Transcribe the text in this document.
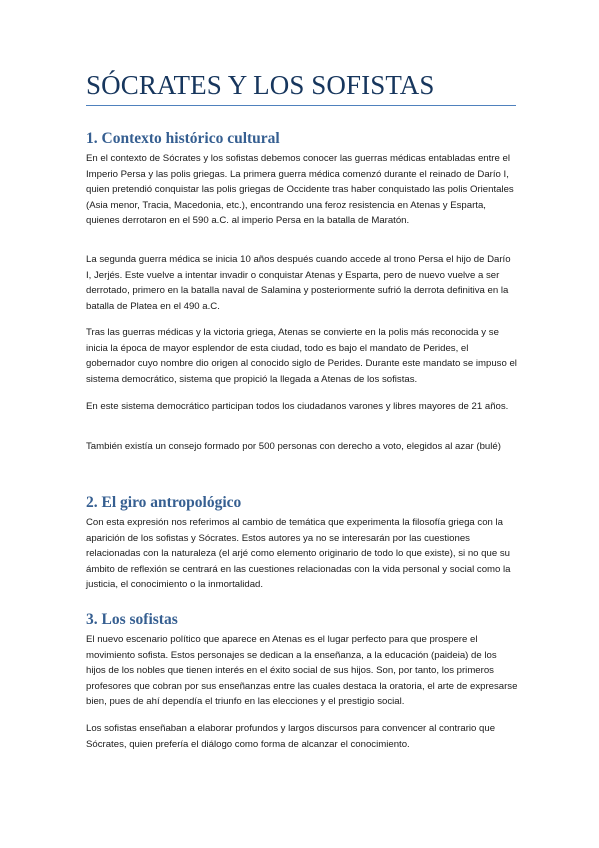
SÓCRATES Y LOS SOFISTAS
1. Contexto histórico cultural

En el contexto de Sócrates y los sofistas debemos conocer las guerras médicas entabladas entre el Imperio Persa y las polis griegas. La primera guerra médica comenzó durante el reinado de Darío I, quien pretendió conquistar las polis griegas de Occidente tras haber conquistado las polis Orientales (Asia menor, Tracia, Macedonia, etc.), encontrando una feroz resistencia en Atenas y Esparta, quienes derrotaron en el 590 a.C. al imperio Persa en la batalla de Maratón.

La segunda guerra médica se inicia 10 años después cuando accede al trono Persa el hijo de Darío I, Jerjés. Este vuelve a intentar invadir o conquistar Atenas y Esparta, pero de nuevo vuelve a ser derrotado, primero en la batalla naval de Salamina y posteriormente sufrió la derrota definitiva en la batalla de Platea en el 490 a.C.

Tras las guerras médicas y la victoria griega, Atenas se convierte en la polis más reconocida y se inicia la época de mayor esplendor de esta ciudad, todo es bajo el mandato de Perides, el gobernador cuyo nombre dio origen al conocido siglo de Perides. Durante este mandato se impuso el sistema democrático, sistema que propició la llegada a Atenas de los sofistas.

En este sistema democrático participan todos los ciudadanos varones y libres mayores de 21 años.

También existía un consejo formado por 500 personas con derecho a voto, elegidos al azar (bulé)

2. El giro antropológico

Con esta expresión nos referimos al cambio de temática que experimenta la filosofía griega con la aparición de los sofistas y Sócrates. Estos autores ya no se interesarán por las cuestiones relacionadas con la naturaleza (el arjé como elemento originario de todo lo que existe), si no que su ámbito de reflexión se centrará en las cuestiones relacionadas con la vida personal y social como la justicia, el conocimiento o la inmortalidad.

3. Los sofistas

El nuevo escenario político que aparece en Atenas es el lugar perfecto para que prospere el movimiento sofista. Estos personajes se dedican a la enseñanza, a la educación (paideia) de los hijos de los nobles que tienen interés en el éxito social de sus hijos. Son, por tanto, los primeros profesores que cobran por sus enseñanzas entre las cuales destaca la oratoria, el arte de expresarse bien, pues de ahí dependía el triunfo en las elecciones y el prestigio social.

Los sofistas enseñaban a elaborar profundos y largos discursos para convencer al contrario que Sócrates, quien prefería el diálogo como forma de alcanzar el conocimiento.
